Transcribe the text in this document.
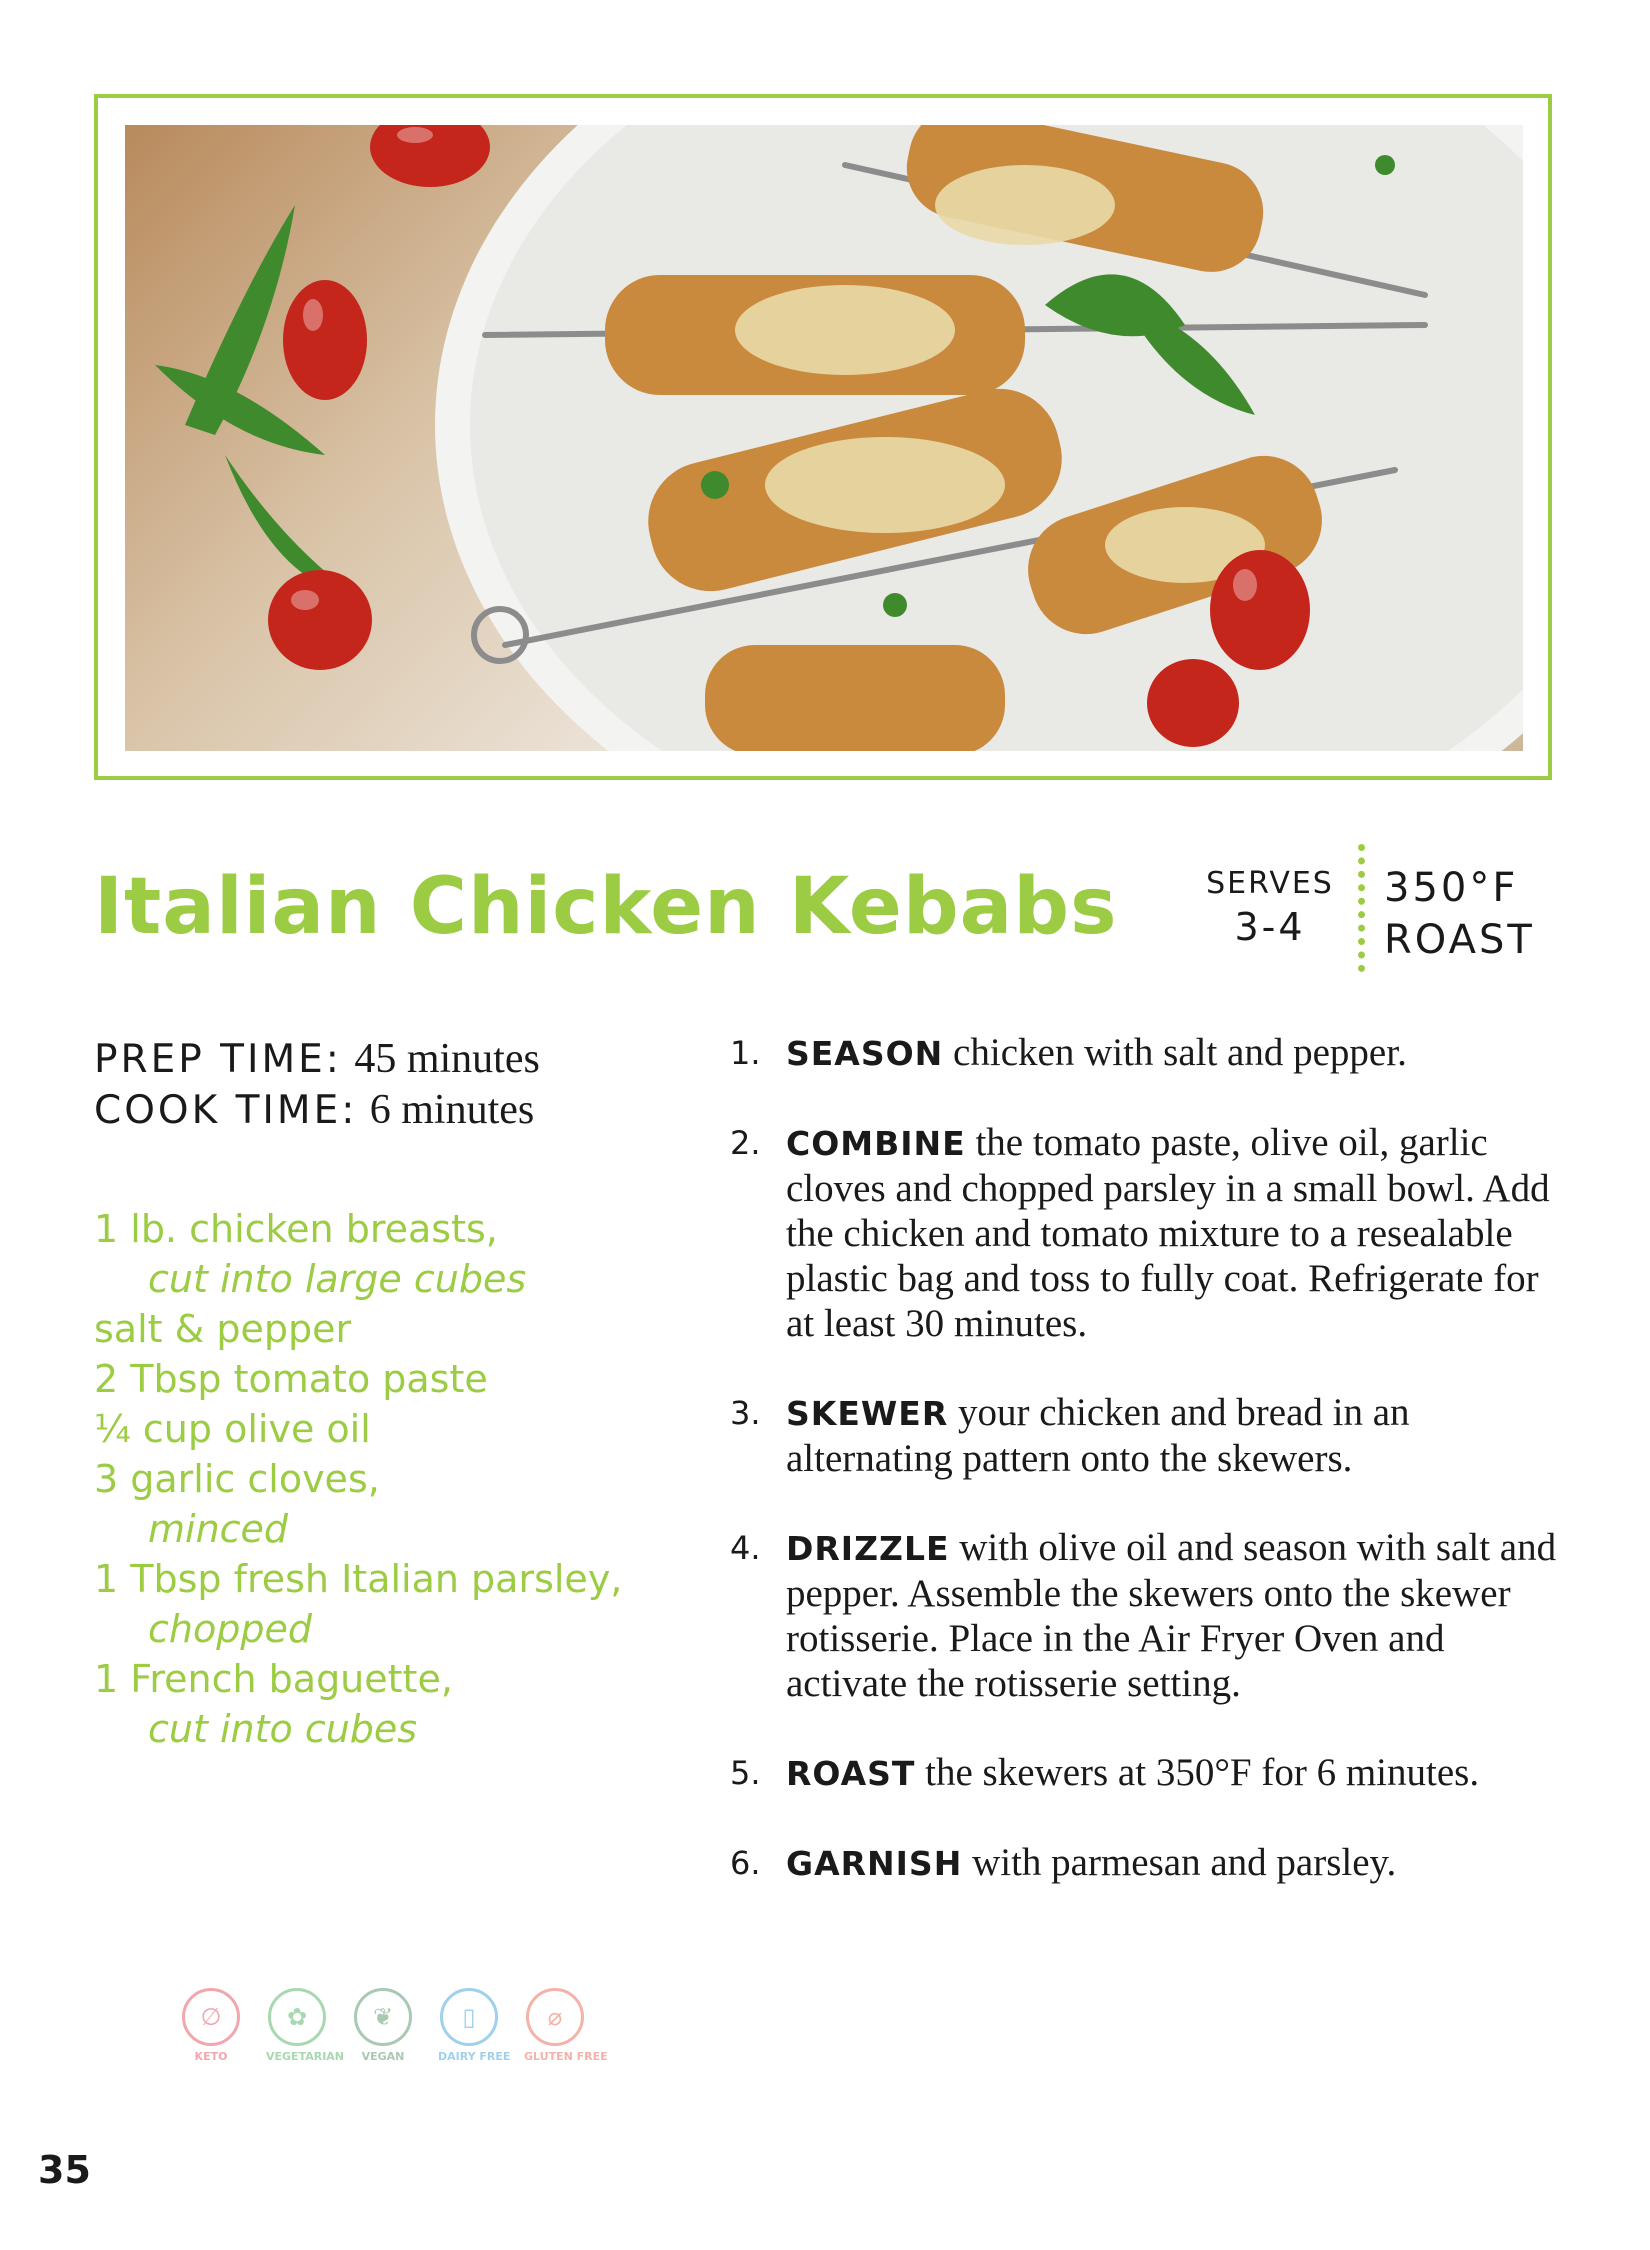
Italian Chicken Kebabs	SERVES
3-4
350°F
ROAST
PREP TIME: 45 minutes
COOK TIME: 6 minutes
1 lb. chicken breasts,
cut into large cubes
salt & pepper
2 Tbsp tomato paste
¼ cup olive oil
3 garlic cloves,
minced
1 Tbsp fresh Italian parsley,
chopped
1 French baguette,
cut into cubes
1. SEASON chicken with salt and pepper.
2. COMBINE the tomato paste, olive oil, garlic cloves and chopped parsley in a small bowl. Add the chicken and tomato mixture to a resealable plastic bag and toss to fully coat. Refrigerate for at least 30 minutes.
3. SKEWER your chicken and bread in an alternating pattern onto the skewers.
4. DRIZZLE with olive oil and season with salt and pepper. Assemble the skewers onto the skewer rotisserie. Place in the Air Fryer Oven and activate the rotisserie setting.
5. ROAST the skewers at 350°F for 6 minutes.
6. GARNISH with parmesan and parsley.
∅
KETO
✿
VEGETARIAN
❦
VEGAN
▯
DAIRY FREE
⌀
GLUTEN FREE
35
